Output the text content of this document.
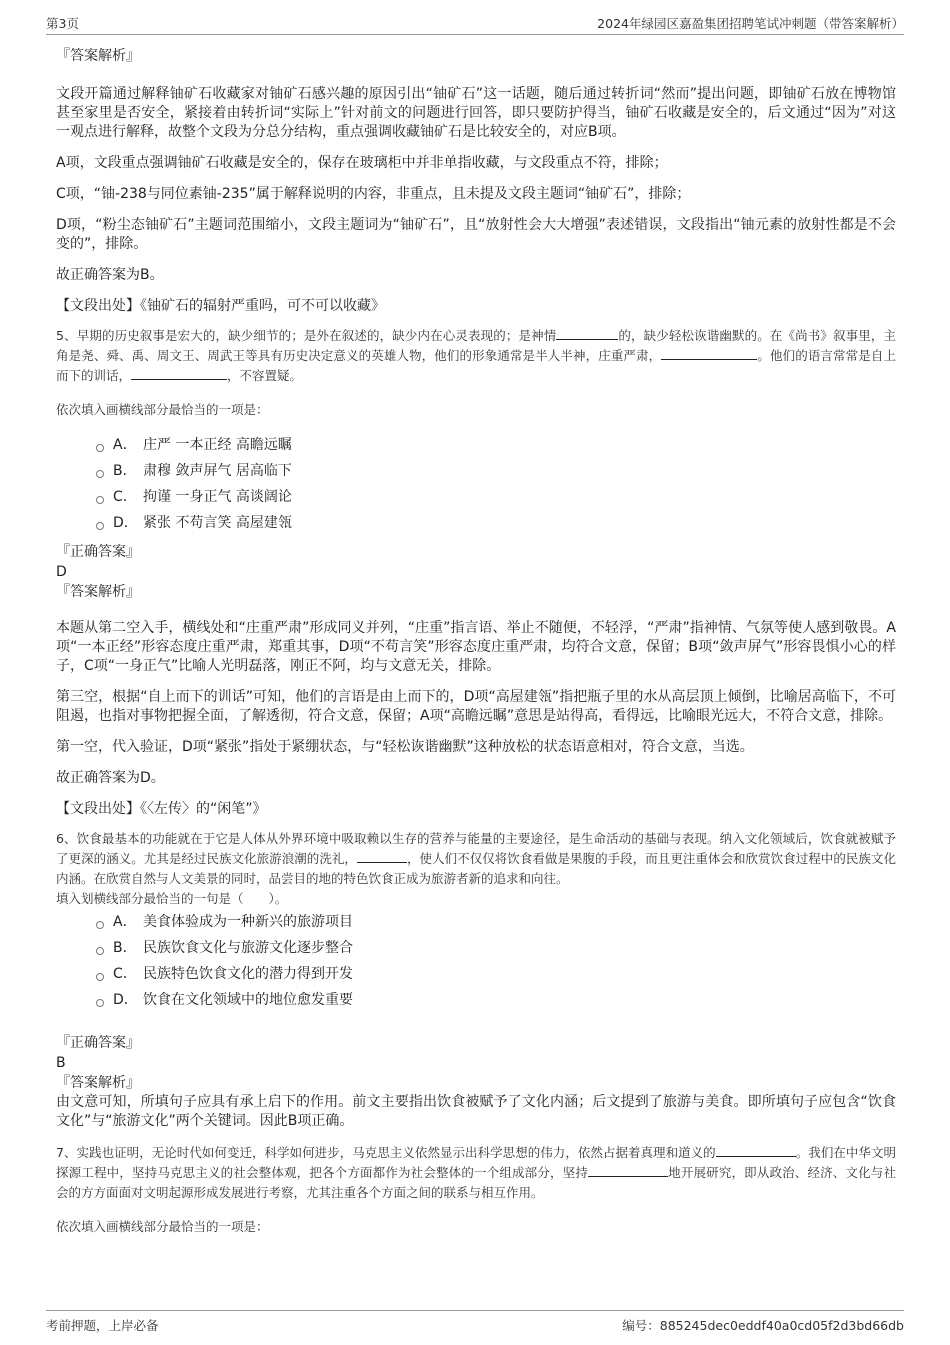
第3页	2024年绿园区嘉盈集团招聘笔试冲刺题（带答案解析）
『答案解析』

文段开篇通过解释铀矿石收藏家对铀矿石感兴趣的原因引出“铀矿石”这一话题，随后通过转折词“然而”提出问题，即铀矿石放在博物馆甚至家里是否安全，紧接着由转折词“实际上”针对前文的问题进行回答，即只要防护得当，铀矿石收藏是安全的，后文通过“因为”对这一观点进行解释，故整个文段为分总分结构，重点强调收藏铀矿石是比较安全的，对应B项。

A项，文段重点强调铀矿石收藏是安全的，保存在玻璃柜中并非单指收藏，与文段重点不符，排除；

C项，“铀-238与同位素铀-235”属于解释说明的内容，非重点，且未提及文段主题词“铀矿石”，排除；

D项，“粉尘态铀矿石”主题词范围缩小，文段主题词为“铀矿石”，且“放射性会大大增强”表述错误，文段指出“铀元素的放射性都是不会变的”，排除。

故正确答案为B。

【文段出处】《铀矿石的辐射严重吗，可不可以收藏》

5、早期的历史叙事是宏大的，缺少细节的；是外在叙述的，缺少内在心灵表现的；是神情	的，缺少轻松诙谐幽默的。在《尚书》叙事里，主角是尧、舜、禹、周文王、周武王等具有历史决定意义的英雄人物，他们的形象通常是半人半神，庄重严肃，	。他们的语言常常是自上而下的训话，	，不容置疑。

依次填入画横线部分最恰当的一项是：

A． 庄严 一本正经 高瞻远瞩
B． 肃穆 敛声屏气 居高临下
C． 拘谨 一身正气 高谈阔论
D． 紧张 不苟言笑 高屋建瓴
『正确答案』
D
『答案解析』

本题从第二空入手，横线处和“庄重严肃”形成同义并列，“庄重”指言语、举止不随便，不轻浮，“严肃”指神情、气氛等使人感到敬畏。A项“一本正经”形容态度庄重严肃，郑重其事，D项“不苟言笑”形容态度庄重严肃，均符合文意，保留；B项“敛声屏气”形容畏惧小心的样子，C项“一身正气”比喻人光明磊落，刚正不阿，均与文意无关，排除。

第三空，根据“自上而下的训话”可知，他们的言语是由上而下的，D项“高屋建瓴”指把瓶子里的水从高层顶上倾倒，比喻居高临下，不可阻遏，也指对事物把握全面，了解透彻，符合文意，保留；A项“高瞻远瞩”意思是站得高，看得远，比喻眼光远大，不符合文意，排除。

第一空，代入验证，D项“紧张”指处于紧绷状态，与“轻松诙谐幽默”这种放松的状态语意相对，符合文意，当选。

故正确答案为D。

【文段出处】《〈左传〉的“闲笔”》

6、饮食最基本的功能就在于它是人体从外界环境中吸取赖以生存的营养与能量的主要途径，是生命活动的基础与表现。纳入文化领域后，饮食就被赋予了更深的涵义。尤其是经过民族文化旅游浪潮的洗礼，	，使人们不仅仅将饮食看做是果腹的手段，而且更注重体会和欣赏饮食过程中的民族文化内涵。在欣赏自然与人文美景的同时，品尝目的地的特色饮食正成为旅游者新的追求和向往。

填入划横线部分最恰当的一句是（　　）。

A． 美食体验成为一种新兴的旅游项目
B． 民族饮食文化与旅游文化逐步整合
C． 民族特色饮食文化的潜力得到开发
D． 饮食在文化领域中的地位愈发重要
『正确答案』
B
『答案解析』

由文意可知，所填句子应具有承上启下的作用。前文主要指出饮食被赋予了文化内涵；后文提到了旅游与美食。即所填句子应包含“饮食文化”与“旅游文化”两个关键词。因此B项正确。

7、实践也证明，无论时代如何变迁，科学如何进步，马克思主义依然显示出科学思想的伟力，依然占据着真理和道义的	。我们在中华文明探源工程中，坚持马克思主义的社会整体观，把各个方面都作为社会整体的一个组成部分，坚持	地开展研究，即从政治、经济、文化与社会的方方面面对文明起源形成发展进行考察，尤其注重各个方面之间的联系与相互作用。

依次填入画横线部分最恰当的一项是：

考前押题，上岸必备	编号：885245dec0eddf40a0cd05f2d3bd66db
